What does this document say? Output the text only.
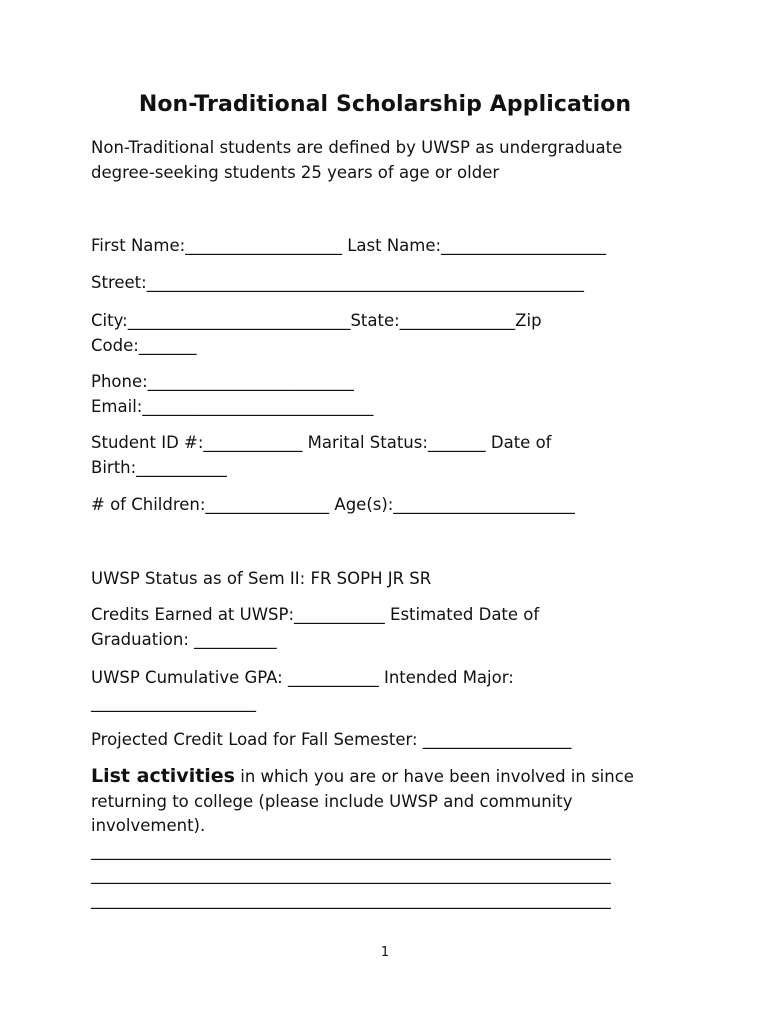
Non-Traditional Scholarship Application
Non-Traditional students are defined by UWSP as undergraduate
degree-seeking students 25 years of age or older
First Name:___________________ Last Name:____________________
Street:_____________________________________________________
City:___________________________State:______________Zip
Code:_______
Phone:_________________________
Email:____________________________
Student ID #:____________ Marital Status:_______ Date of
Birth:___________
# of Children:_______________ Age(s):______________________
UWSP Status as of Sem II: FR SOPH JR SR
Credits Earned at UWSP:___________ Estimated Date of
Graduation: __________
UWSP Cumulative GPA: ___________ Intended Major:
____________________
Projected Credit Load for Fall Semester: __________________
List activities in which you are or have been involved in since
returning to college (please include UWSP and community
involvement).
_______________________________________________________________
_______________________________________________________________
_______________________________________________________________
1
